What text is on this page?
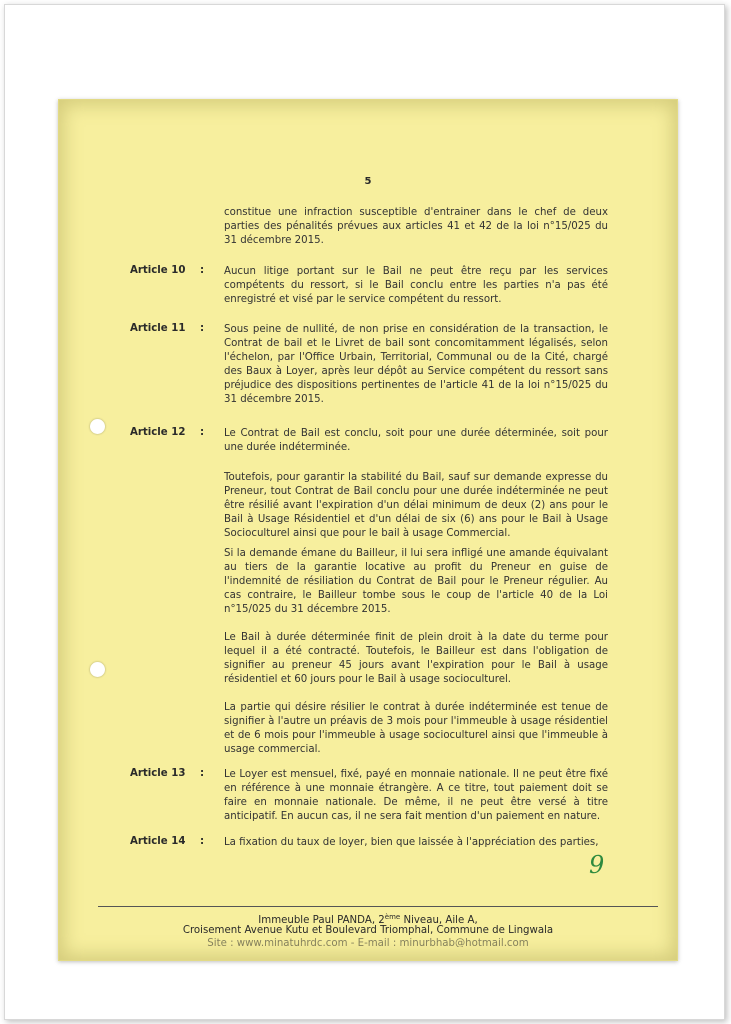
5
constitue une infraction susceptible d'entrainer dans le chef de deux parties des pénalités prévues aux articles 41 et 42 de la loi n°15/025 du 31 décembre 2015.
Article 10 : Aucun litige portant sur le Bail ne peut être reçu par les services compétents du ressort, si le Bail conclu entre les parties n'a pas été enregistré et visé par le service compétent du ressort.
Article 11 : Sous peine de nullité, de non prise en considération de la transaction, le Contrat de bail et le Livret de bail sont concomitamment légalisés, selon l'échelon, par l'Office Urbain, Territorial, Communal ou de la Cité, chargé des Baux à Loyer, après leur dépôt au Service compétent du ressort sans préjudice des dispositions pertinentes de l'article 41 de la loi n°15/025 du 31 décembre 2015.
Article 12 : Le Contrat de Bail est conclu, soit pour une durée déterminée, soit pour une durée indéterminée.
Toutefois, pour garantir la stabilité du Bail, sauf sur demande expresse du Preneur, tout Contrat de Bail conclu pour une durée indéterminée ne peut être résilié avant l'expiration d'un délai minimum de deux (2) ans pour le Bail à Usage Résidentiel et d'un délai de six (6) ans pour le Bail à Usage Socioculturel ainsi que pour le bail à usage Commercial.
Si la demande émane du Bailleur, il lui sera infligé une amande équivalant au tiers de la garantie locative au profit du Preneur en guise de l'indemnité de résiliation du Contrat de Bail pour le Preneur régulier. Au cas contraire, le Bailleur tombe sous le coup de l'article 40 de la Loi n°15/025 du 31 décembre 2015.
Le Bail à durée déterminée finit de plein droit à la date du terme pour lequel il a été contracté. Toutefois, le Bailleur est dans l'obligation de signifier au preneur 45 jours avant l'expiration pour le Bail à usage résidentiel et 60 jours pour le Bail à usage socioculturel.
La partie qui désire résilier le contrat à durée indéterminée est tenue de signifier à l'autre un préavis de 3 mois pour l'immeuble à usage résidentiel et de 6 mois pour l'immeuble à usage socioculturel ainsi que l'immeuble à usage commercial.
Article 13 : Le Loyer est mensuel, fixé, payé en monnaie nationale. Il ne peut être fixé en référence à une monnaie étrangère. A ce titre, tout paiement doit se faire en monnaie nationale. De même, il ne peut être versé à titre anticipatif. En aucun cas, il ne sera fait mention d'un paiement en nature.
Article 14 : La fixation du taux de loyer, bien que laissée à l'appréciation des parties,
9
Immeuble Paul PANDA, 2ème Niveau, Aile A,
Croisement Avenue Kutu et Boulevard Triomphal, Commune de Lingwala
Site : www.minatuhrdc.com - E-mail : minurbhab@hotmail.com
